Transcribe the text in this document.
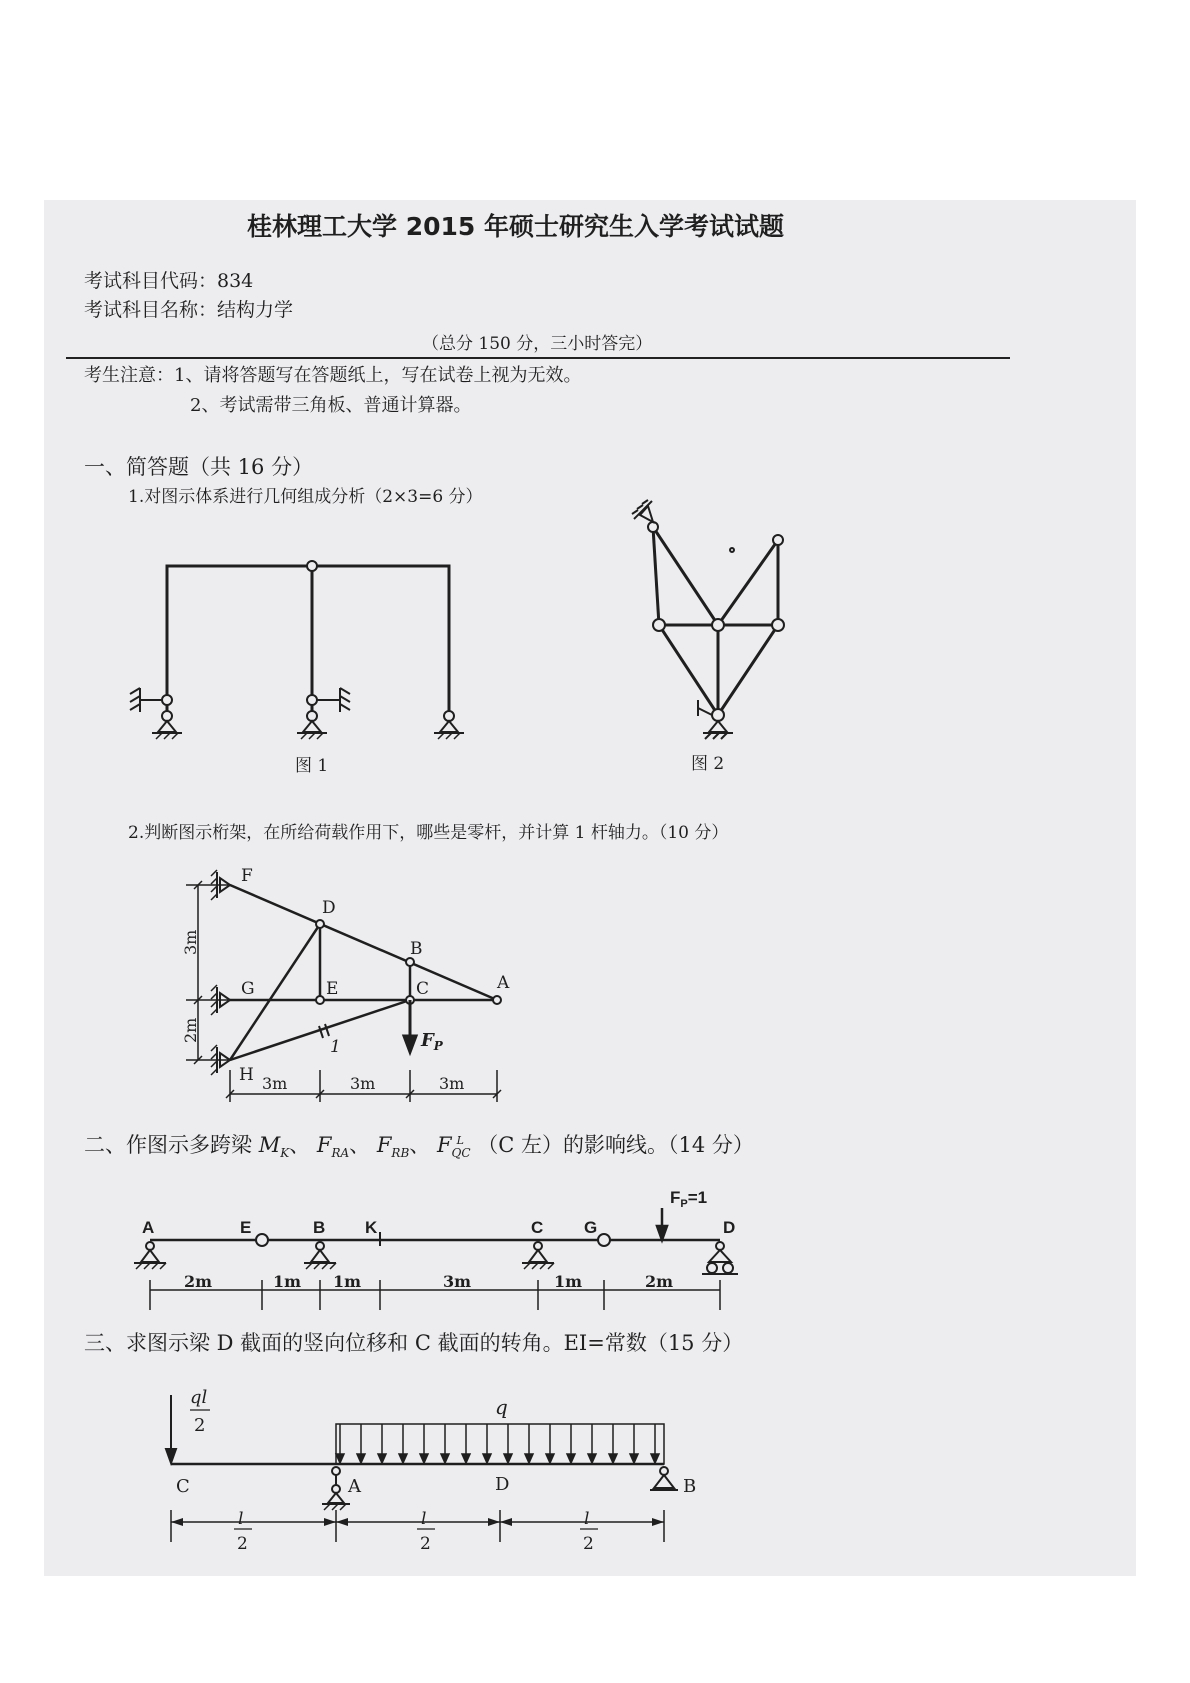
桂林理工大学 2015 年硕士研究生入学考试试题
考试科目代码：834
考试科目名称：结构力学
（总分 150 分，三小时答完）
考生注意：1、请将答题写在答题纸上，写在试卷上视为无效。
2、考试需带三角板、普通计算器。
一、简答题（共 16 分）
1.对图示体系进行几何组成分析（2×3=6 分）
图 1	图 2
2.判断图示桁架，在所给荷载作用下，哪些是零杆，并计算 1 杆轴力。（10 分）
F
D
B
A
G	E	C
H
1	$F_P$
3m
2m
3m	3m	3m
二、作图示多跨梁 $M_K$、 $F_{RA}$、 $F_{RB}$、 $F_{QC}^L$ （C 左）的影响线。（14 分）
A	E	B K	C G	D
$F_P=1$
2m	1m 1m	3m	1m	2m
三、求图示梁 D 截面的竖向位移和 C 截面的转角。EI=常数（15 分）
ql
2
q
C	A	D	B
l
2
l
2
l
2
